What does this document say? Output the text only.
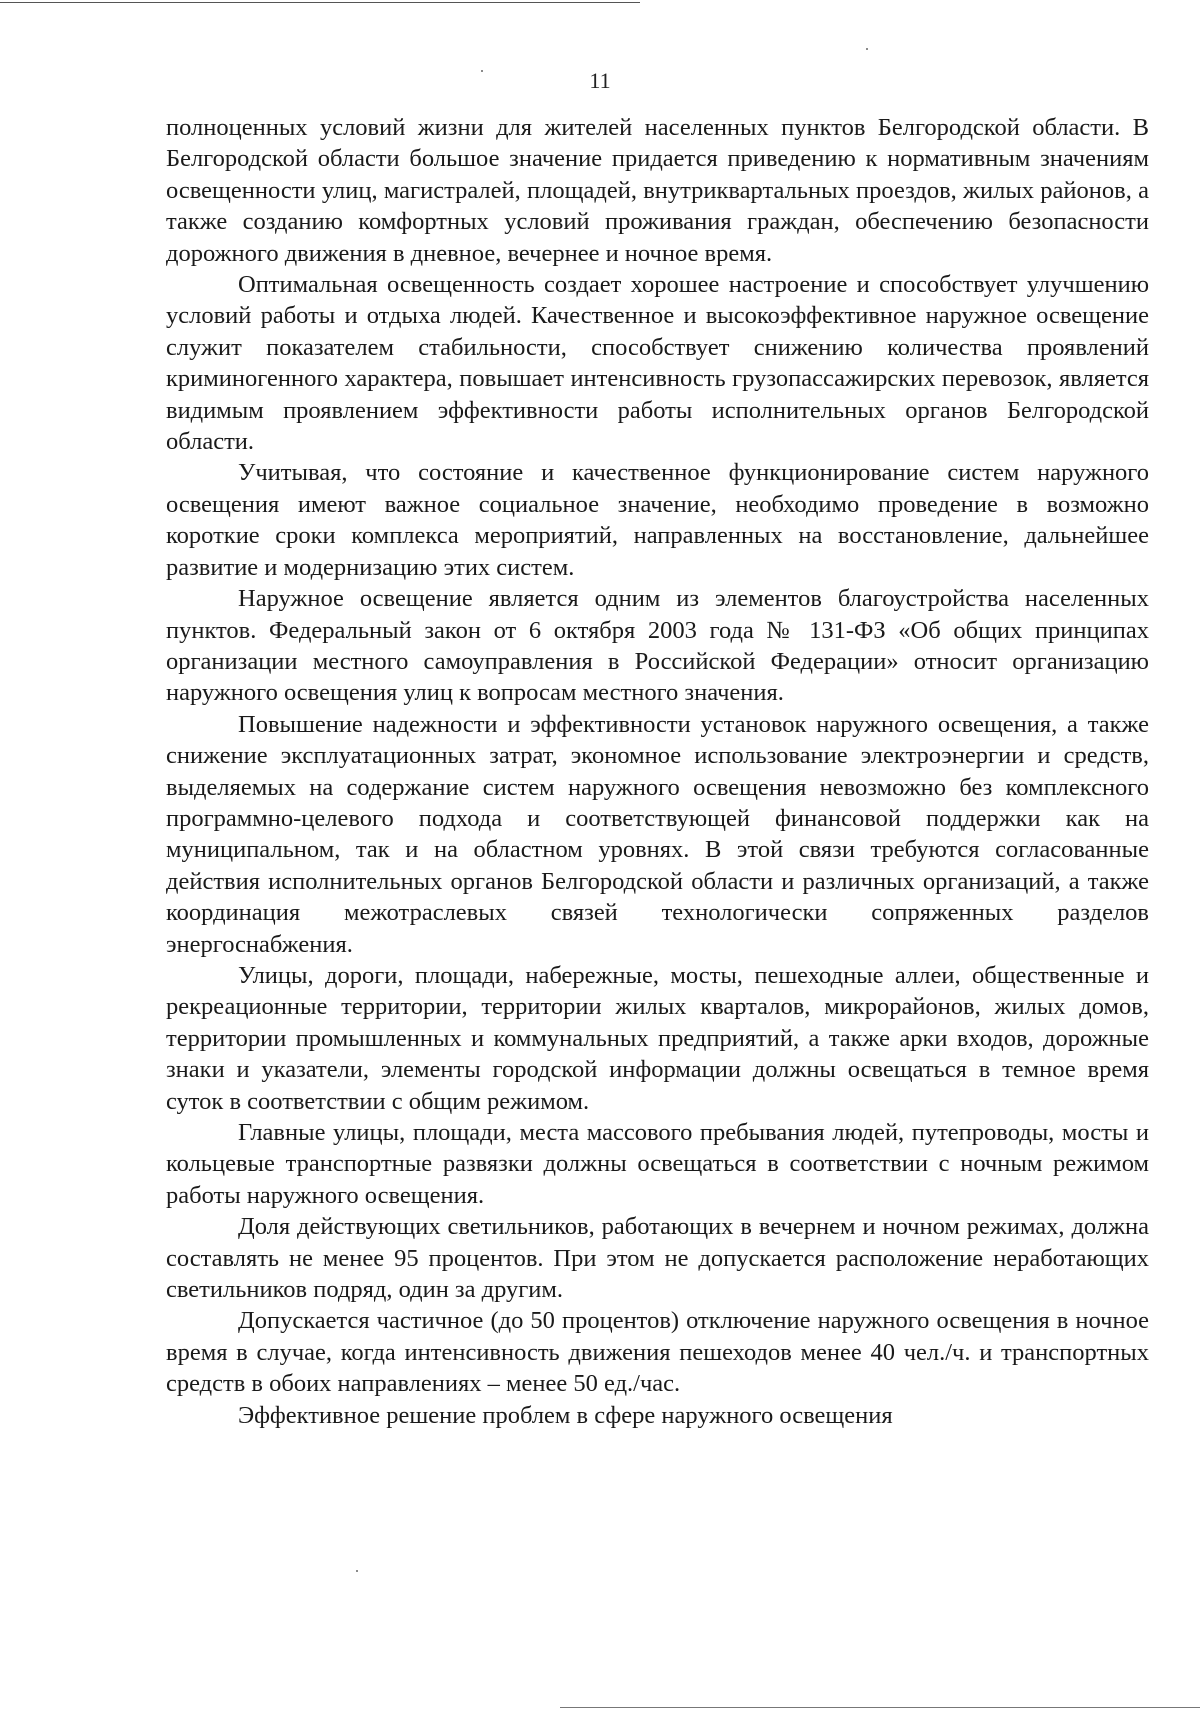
11

полноценных условий жизни для жителей населенных пунктов Белгородской области. В Белгородской области большое значение придается приведению к нормативным значениям освещенности улиц, магистралей, площадей, внутриквартальных проездов, жилых районов, а также созданию комфортных условий проживания граждан, обеспечению безопасности дорожного движения в дневное, вечернее и ночное время.

Оптимальная освещенность создает хорошее настроение и способствует улучшению условий работы и отдыха людей. Качественное и высокоэффективное наружное освещение служит показателем стабильности, способствует снижению количества проявлений криминогенного характера, повышает интенсивность грузопассажирских перевозок, является видимым проявлением эффективности работы исполнительных органов Белгородской области.

Учитывая, что состояние и качественное функционирование систем наружного освещения имеют важное социальное значение, необходимо проведение в возможно короткие сроки комплекса мероприятий, направленных на восстановление, дальнейшее развитие и модернизацию этих систем.

Наружное освещение является одним из элементов благоустройства населенных пунктов. Федеральный закон от 6 октября 2003 года № 131-ФЗ «Об общих принципах организации местного самоуправления в Российской Федерации» относит организацию наружного освещения улиц к вопросам местного значения.

Повышение надежности и эффективности установок наружного освещения, а также снижение эксплуатационных затрат, экономное использование электроэнергии и средств, выделяемых на содержание систем наружного освещения невозможно без комплексного программно-целевого подхода и соответствующей финансовой поддержки как на муниципальном, так и на областном уровнях. В этой связи требуются согласованные действия исполнительных органов Белгородской области и различных организаций, а также координация межотраслевых связей технологически сопряженных разделов энергоснабжения.

Улицы, дороги, площади, набережные, мосты, пешеходные аллеи, общественные и рекреационные территории, территории жилых кварталов, микрорайонов, жилых домов, территории промышленных и коммунальных предприятий, а также арки входов, дорожные знаки и указатели, элементы городской информации должны освещаться в темное время суток в соответствии с общим режимом.

Главные улицы, площади, места массового пребывания людей, путепроводы, мосты и кольцевые транспортные развязки должны освещаться в соответствии с ночным режимом работы наружного освещения.

Доля действующих светильников, работающих в вечернем и ночном режимах, должна составлять не менее 95 процентов. При этом не допускается расположение неработающих светильников подряд, один за другим.

Допускается частичное (до 50 процентов) отключение наружного освещения в ночное время в случае, когда интенсивность движения пешеходов менее 40 чел./ч. и транспортных средств в обоих направлениях – менее 50 ед./час.

Эффективное решение проблем в сфере наружного освещения
